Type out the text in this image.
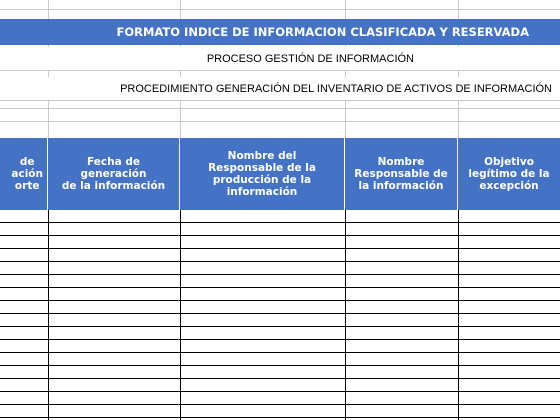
FORMATO INDICE DE INFORMACION CLASIFICADA Y RESERVADA
PROCESO GESTIÓN DE INFORMACIÓN
PROCEDIMIENTO GENERACIÓN DEL INVENTARIO DE ACTIVOS DE INFORMACIÓN
de
ación
orte
Fecha de
generación
de la información
Nombre del
Responsable de la
producción de la
información
Nombre
Responsable de
la información
Objetivo
legítimo de la
excepción
